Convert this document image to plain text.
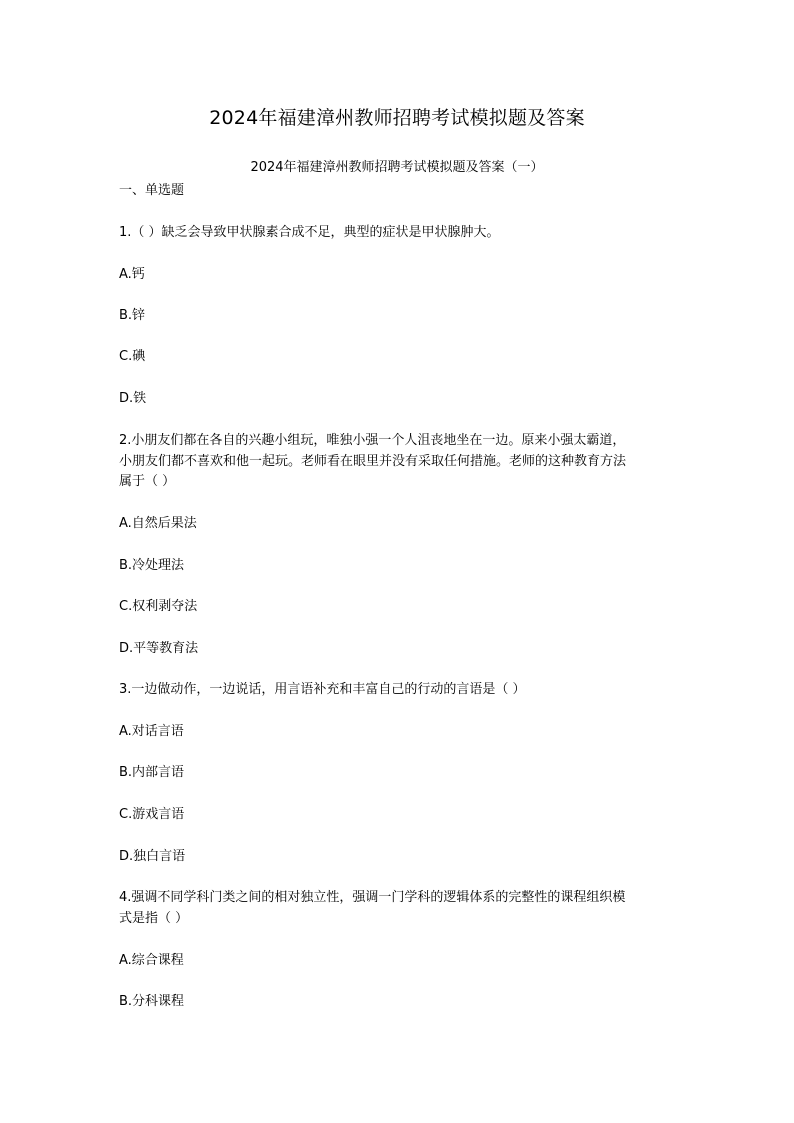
2024年福建漳州教师招聘考试模拟题及答案
2024年福建漳州教师招聘考试模拟题及答案（一）
一、单选题
1.（ ）缺乏会导致甲状腺素合成不足，典型的症状是甲状腺肿大。
A.钙
B.锌
C.碘
D.铁
2.小朋友们都在各自的兴趣小组玩，唯独小强一个人沮丧地坐在一边。原来小强太霸道，
小朋友们都不喜欢和他一起玩。老师看在眼里并没有采取任何措施。老师的这种教育方法
属于（ ）
A.自然后果法
B.冷处理法
C.权利剥夺法
D.平等教育法
3.一边做动作，一边说话，用言语补充和丰富自己的行动的言语是（ ）
A.对话言语
B.内部言语
C.游戏言语
D.独白言语
4.强调不同学科门类之间的相对独立性，强调一门学科的逻辑体系的完整性的课程组织模
式是指（ ）
A.综合课程
B.分科课程
